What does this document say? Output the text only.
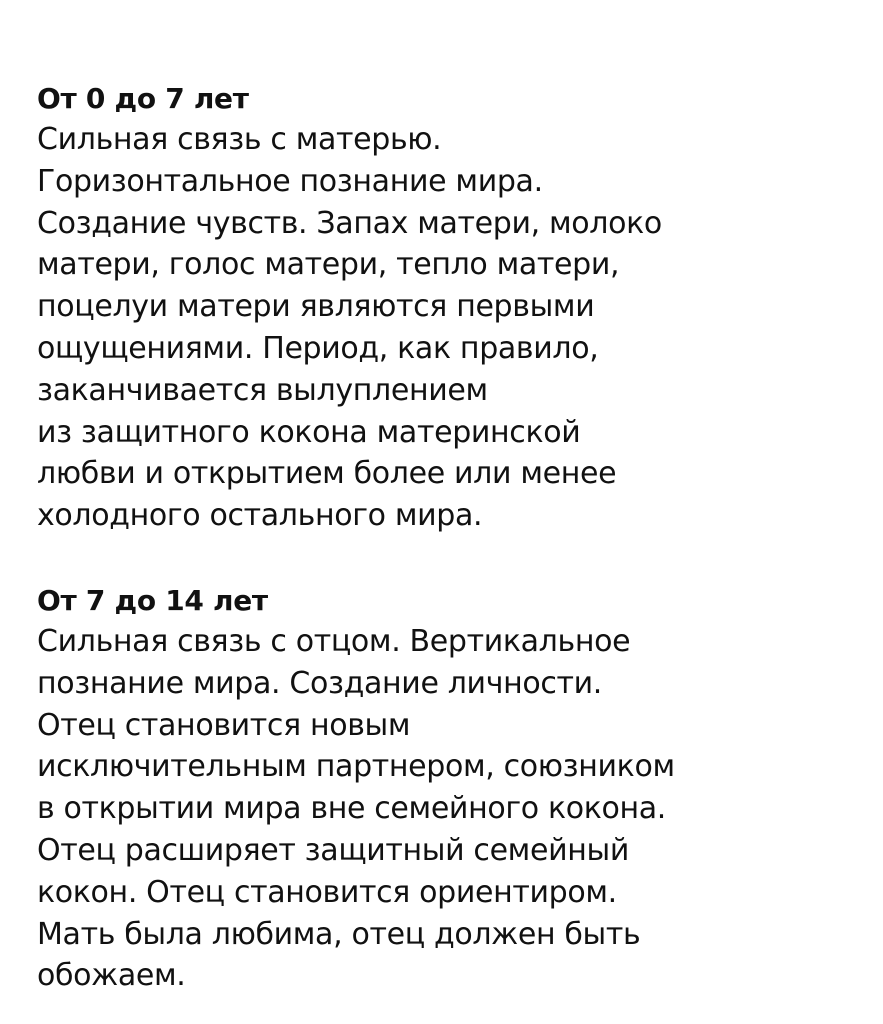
От 0 до 7 лет
Сильная связь с матерью.
Горизонтальное познание мира.
Создание чувств. Запах матери, молоко
матери, голос матери, тепло матери,
поцелуи матери являются первыми
ощущениями. Период, как правило,
заканчивается вылуплением
из защитного кокона материнской
любви и открытием более или менее
холодного остального мира.
От 7 до 14 лет
Сильная связь с отцом. Вертикальное
познание мира. Создание личности.
Отец становится новым
исключительным партнером, союзником
в открытии мира вне семейного кокона.
Отец расширяет защитный семейный
кокон. Отец становится ориентиром.
Мать была любима, отец должен быть
обожаем.
